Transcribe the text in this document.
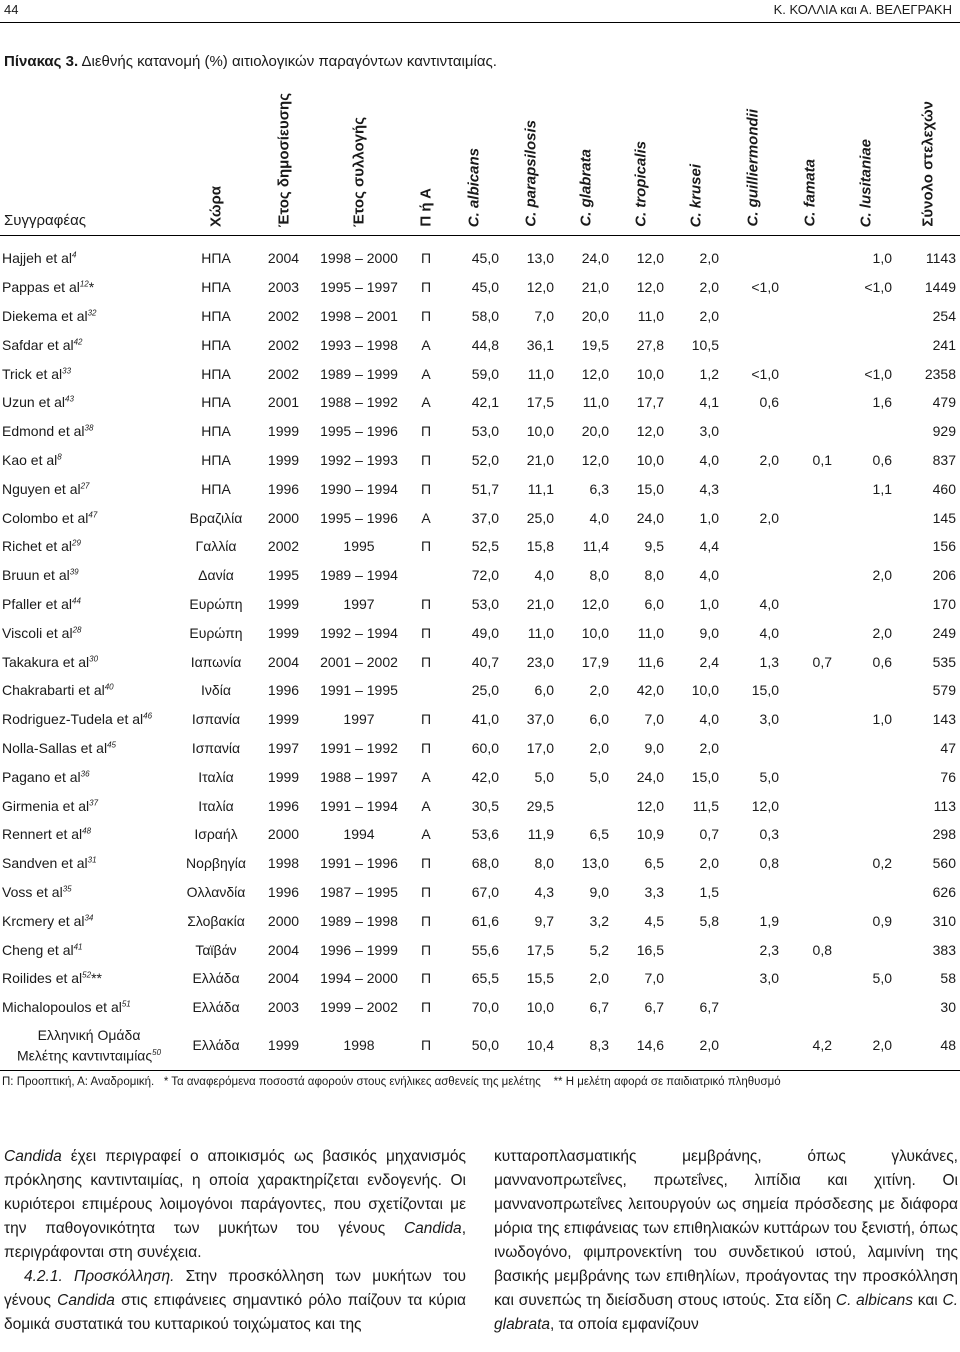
44	Κ. ΚΟΛΛΙΑ και Α. ΒΕΛΕΓΡΑΚΗ
Πίνακας 3. Διεθνής κατανομή (%) αιτιολογικών παραγόντων καντινταιμίας.
Συγγραφέας	Χώρα	Έτος δημοσίευσης	Έτος συλλογής	Π ή Α	C. albicans	C. parapsilosis	C. glabrata	C. tropicalis	C. krusei	C. guilliermondii	C. famata	C. lusitaniae	Σύνολο στελεχών

Hajjeh et $al^4$	ΗΠΑ	2004	1998 – 2000	Π	45,0	13,0	24,0	12,0	2,0			1,0	1143
Pappas et $al^{12}*$	ΗΠΑ	2003	1995 – 1997	Π	45,0	12,0	21,0	12,0	2,0	<1,0		<1,0	1449
Diekema et $al^{32}$	ΗΠΑ	2002	1998 – 2001	Π	58,0	7,0	20,0	11,0	2,0				254
Safdar et $al^{42}$	ΗΠΑ	2002	1993 – 1998	Α	44,8	36,1	19,5	27,8	10,5				241
Trick et $al^{33}$	ΗΠΑ	2002	1989 – 1999	Α	59,0	11,0	12,0	10,0	1,2	<1,0		<1,0	2358
Uzun et $al^{43}$	ΗΠΑ	2001	1988 – 1992	Α	42,1	17,5	11,0	17,7	4,1	0,6		1,6	479
Edmond et $al^{38}$	ΗΠΑ	1999	1995 – 1996	Π	53,0	10,0	20,0	12,0	3,0				929
Kao et $al^8$	ΗΠΑ	1999	1992 – 1993	Π	52,0	21,0	12,0	10,0	4,0	2,0	0,1	0,6	837
Nguyen et $al^{27}$	ΗΠΑ	1996	1990 – 1994	Π	51,7	11,1	6,3	15,0	4,3			1,1	460
Colombo et $al^{47}$	Βραζιλία	2000	1995 – 1996	Α	37,0	25,0	4,0	24,0	1,0	2,0			145
Richet et $al^{29}$	Γαλλία	2002	1995	Π	52,5	15,8	11,4	9,5	4,4				156
Bruun et $al^{39}$	Δανία	1995	1989 – 1994		72,0	4,0	8,0	8,0	4,0			2,0	206
Pfaller et $al^{44}$	Ευρώπη	1999	1997	Π	53,0	21,0	12,0	6,0	1,0	4,0			170
Viscoli et $al^{28}$	Ευρώπη	1999	1992 – 1994	Π	49,0	11,0	10,0	11,0	9,0	4,0		2,0	249
Takakura et $al^{30}$	Ιαπωνία	2004	2001 – 2002	Π	40,7	23,0	17,9	11,6	2,4	1,3	0,7	0,6	535
Chakrabarti et $al^{40}$	Ινδία	1996	1991 – 1995		25,0	6,0	2,0	42,0	10,0	15,0			579
Rodriguez-Tudela et $al^{46}$	Ισπανία	1999	1997	Π	41,0	37,0	6,0	7,0	4,0	3,0		1,0	143
Nolla-Sallas et $al^{45}$	Ισπανία	1997	1991 – 1992	Π	60,0	17,0	2,0	9,0	2,0				47
Pagano et $al^{36}$	Ιταλία	1999	1988 – 1997	Α	42,0	5,0	5,0	24,0	15,0	5,0			76
Girmenia et $al^{37}$	Ιταλία	1996	1991 – 1994	Α	30,5	29,5		12,0	11,5	12,0			113
Rennert et $al^{48}$	Ισραήλ	2000	1994	Α	53,6	11,9	6,5	10,9	0,7	0,3			298
Sandven et $al^{31}$	Νορβηγία	1998	1991 – 1996	Π	68,0	8,0	13,0	6,5	2,0	0,8		0,2	560
Voss et $al^{35}$	Ολλανδία	1996	1987 – 1995	Π	67,0	4,3	9,0	3,3	1,5				626
Krcmery et $al^{34}$	Σλοβακία	2000	1989 – 1998	Π	61,6	9,7	3,2	4,5	5,8	1,9		0,9	310
Cheng et $al^{41}$	Ταϊβάν	2004	1996 – 1999	Π	55,6	17,5	5,2	16,5		2,3	0,8		383
Roilides et $al^{52}**$	Ελλάδα	2004	1994 – 2000	Π	65,5	15,5	2,0	7,0		3,0		5,0	58
Michalopoulos et $al^{51}$	Ελλάδα	2003	1999 – 2002	Π	70,0	10,0	6,7	6,7	6,7				30

Ελληνική Ομάδα
Μελέτης καντινταιμίας$^{50}$	Ελλάδα	1999	1998	Π	50,0	10,4	8,3	14,6	2,0		4,2	2,0	48
Π: Προοπτική, Α: Αναδρομική.   * Τα αναφερόμενα ποσοστά αφορούν στους ενήλικες ασθενείς της μελέτης    ** Η μελέτη αφορά σε παιδιατρικό πληθυσμό

Candida έχει περιγραφεί ο αποικισμός ως βασικός μηχανισμός πρόκλησης καντινταιμίας, η οποία χαρακτηρίζεται ενδογενής. Οι κυριότεροι επιμέρους λοιμογόνοι παράγοντες, που σχετίζονται με την παθογονικότητα των μυκήτων του γένους Candida, περιγράφονται στη συνέχεια.

4.2.1. Προσκόλληση. Στην προσκόλληση των μυκήτων του γένους Candida στις επιφάνειες σημαντικό ρόλο παίζουν τα κύρια δομικά συστατικά του κυτταρικού τοιχώματος και της

κυτταροπλασματικής μεμβράνης, όπως γλυκάνες, μαννανοπρωτεΐνες, πρωτεΐνες, λιπίδια και χιτίνη. Οι μαννανοπρωτεΐνες λειτουργούν ως σημεία πρόσδεσης με διάφορα μόρια της επιφάνειας των επιθηλιακών κυττάρων του ξενιστή, όπως ινωδογόνο, φιμπρονεκτίνη του συνδετικού ιστού, λαμινίνη της βασικής μεμβράνης των επιθηλίων, προάγοντας την προσκόλληση και συνεπώς τη διείσδυση στους ιστούς. Στα είδη C. albicans και C. glabrata, τα οποία εμφανίζουν
